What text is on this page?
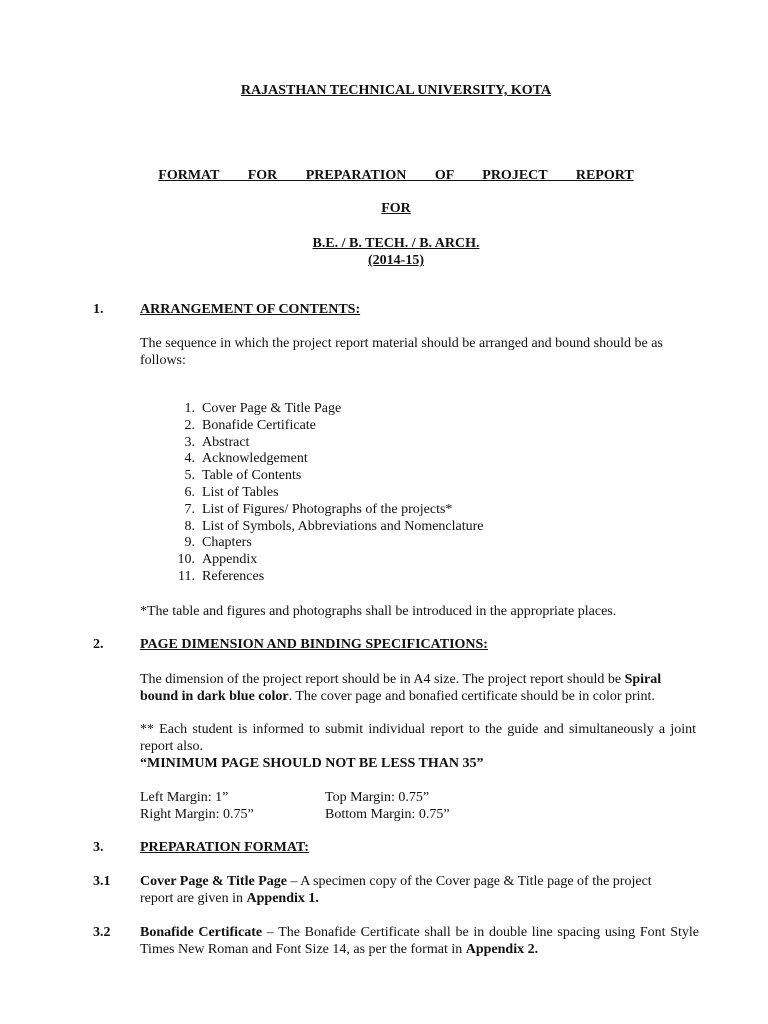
RAJASTHAN TECHNICAL UNIVERSITY, KOTA
FORMAT   FOR   PREPARATION   OF   PROJECT   REPORT
FOR
B.E. / B. TECH. / B. ARCH.
(2014-15)
1.	ARRANGEMENT OF CONTENTS:
The sequence in which the project report material should be arranged and bound should be as follows:
1. Cover Page & Title Page
2. Bonafide Certificate
3. Abstract
4. Acknowledgement
5. Table of Contents
6. List of Tables
7. List of Figures/ Photographs of the projects*
8. List of Symbols, Abbreviations and Nomenclature
9. Chapters
10. Appendix
11. References
*The table and figures and photographs shall be introduced in the appropriate places.
2.	PAGE DIMENSION AND BINDING SPECIFICATIONS:
The dimension of the project report should be in A4 size. The project report should be Spiral bound in dark blue color. The cover page and bonafied certificate should be in color print.
** Each student is informed to submit individual report to the guide and simultaneously a joint report also.
“MINIMUM PAGE SHOULD NOT BE LESS THAN 35”
Left Margin: 1”	Top Margin: 0.75”
Right Margin: 0.75”	Bottom Margin: 0.75”
3.	PREPARATION FORMAT:
3.1 Cover Page & Title Page – A specimen copy of the Cover page & Title page of the project report are given in Appendix 1.
3.2 Bonafide Certificate – The Bonafide Certificate shall be in double line spacing using Font Style Times New Roman and Font Size 14, as per the format in Appendix 2.
